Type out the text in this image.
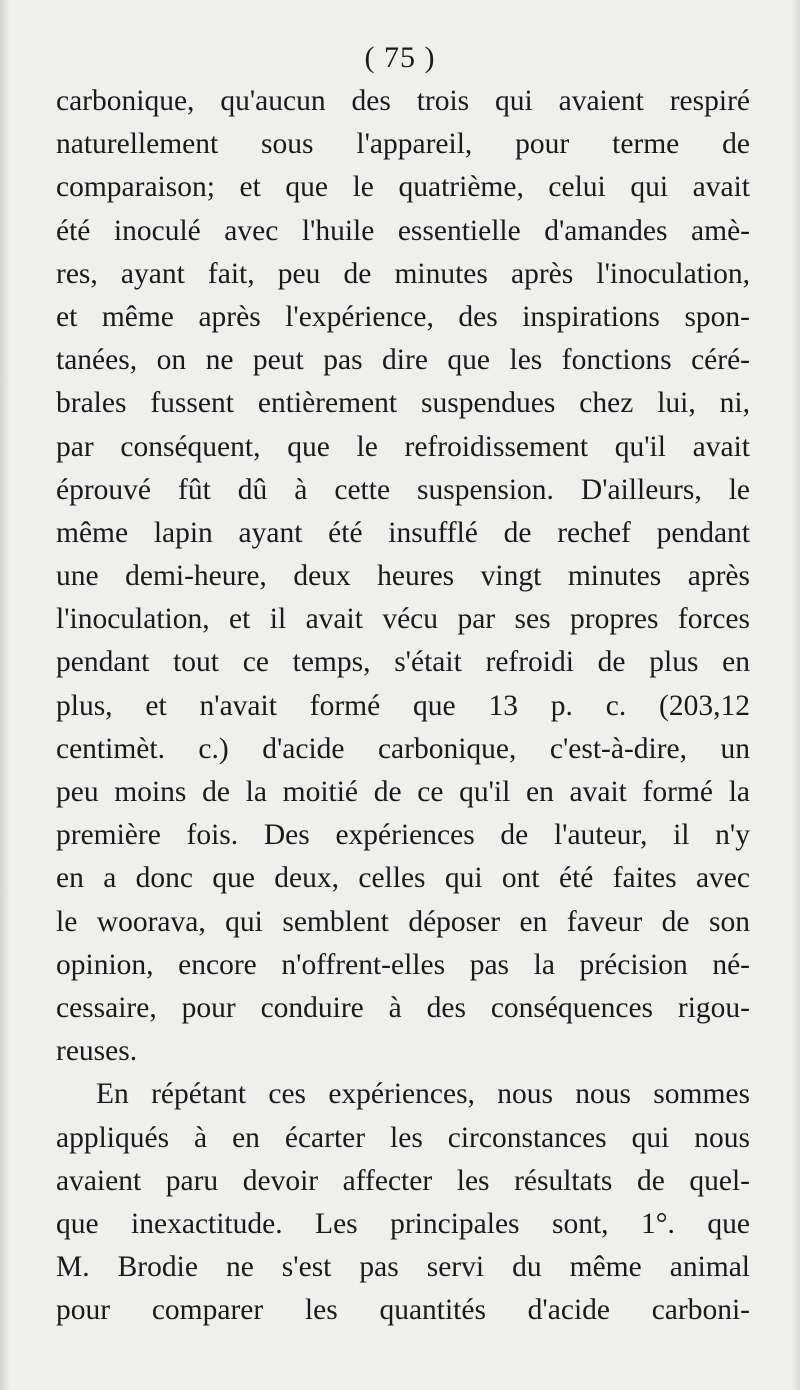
( 75 )
carbonique, qu'aucun des trois qui avaient respiré
naturellement sous l'appareil, pour terme de
comparaison; et que le quatrième, celui qui avait
été inoculé avec l'huile essentielle d'amandes amè-
res, ayant fait, peu de minutes après l'inoculation,
et même après l'expérience, des inspirations spon-
tanées, on ne peut pas dire que les fonctions céré-
brales fussent entièrement suspendues chez lui, ni,
par conséquent, que le refroidissement qu'il avait
éprouvé fût dû à cette suspension. D'ailleurs, le
même lapin ayant été insufflé de rechef pendant
une demi-heure, deux heures vingt minutes après
l'inoculation, et il avait vécu par ses propres forces
pendant tout ce temps, s'était refroidi de plus en
plus, et n'avait formé que 13 p. c. (203,12
centimèt. c.) d'acide carbonique, c'est-à-dire, un
peu moins de la moitié de ce qu'il en avait formé la
première fois. Des expériences de l'auteur, il n'y
en a donc que deux, celles qui ont été faites avec
le woorava, qui semblent déposer en faveur de son
opinion, encore n'offrent-elles pas la précision né-
cessaire, pour conduire à des conséquences rigou-
reuses.
En répétant ces expériences, nous nous sommes
appliqués à en écarter les circonstances qui nous
avaient paru devoir affecter les résultats de quel-
que inexactitude. Les principales sont, 1°. que
M. Brodie ne s'est pas servi du même animal
pour comparer les quantités d'acide carboni-
